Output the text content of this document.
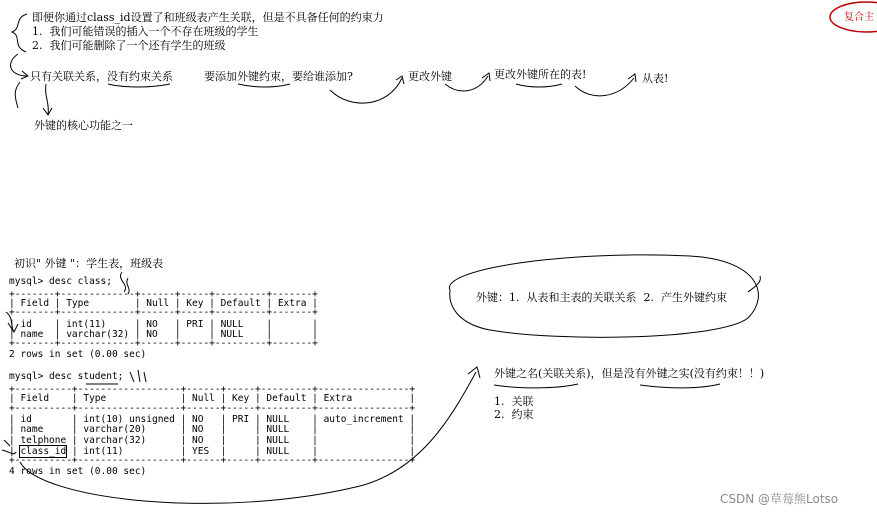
复合主
即便你通过class_id设置了和班级表产生关联，但是不具备任何的约束力
1.  我们可能错误的插入一个不存在班级的学生
2.  我们可能删除了一个还有学生的班级
只有关联关系，没有约束关系	要添加外键约束，要给谁添加?	更改外键	更改外键所在的表!	从表!
外键的核心功能之一
初识" 外键 "：学生表，班级表
mysql> desc class;
+-------+-------------+------+-----+---------+-------+
| Field | Type        | Null | Key | Default | Extra |
+-------+-------------+------+-----+---------+-------+
| id    | int(11)     | NO   | PRI | NULL    |       |
| name  | varchar(32) | NO   |     | NULL    |       |
+-------+-------------+------+-----+---------+-------+
2 rows in set (0.00 sec)
mysql> desc student;
+----------+------------------+------+-----+---------+----------------+
| Field    | Type             | Null | Key | Default | Extra          |
+----------+------------------+------+-----+---------+----------------+
| id       | int(10) unsigned | NO   | PRI | NULL    | auto_increment |
| name     | varchar(20)      | NO   |     | NULL    |                |
| telphone | varchar(32)      | NO   |     | NULL    |                |
| class_id | int(11)          | YES  |     | NULL    |                |
+----------+------------------+------+-----+---------+----------------+
4 rows in set (0.00 sec)
外键：1.  从表和主表的关联关系  2.  产生外键约束
外键之名(关联关系)，但是没有外键之实(没有约束！！)
1.  关联
2.  约束
CSDN @草莓熊Lotso
